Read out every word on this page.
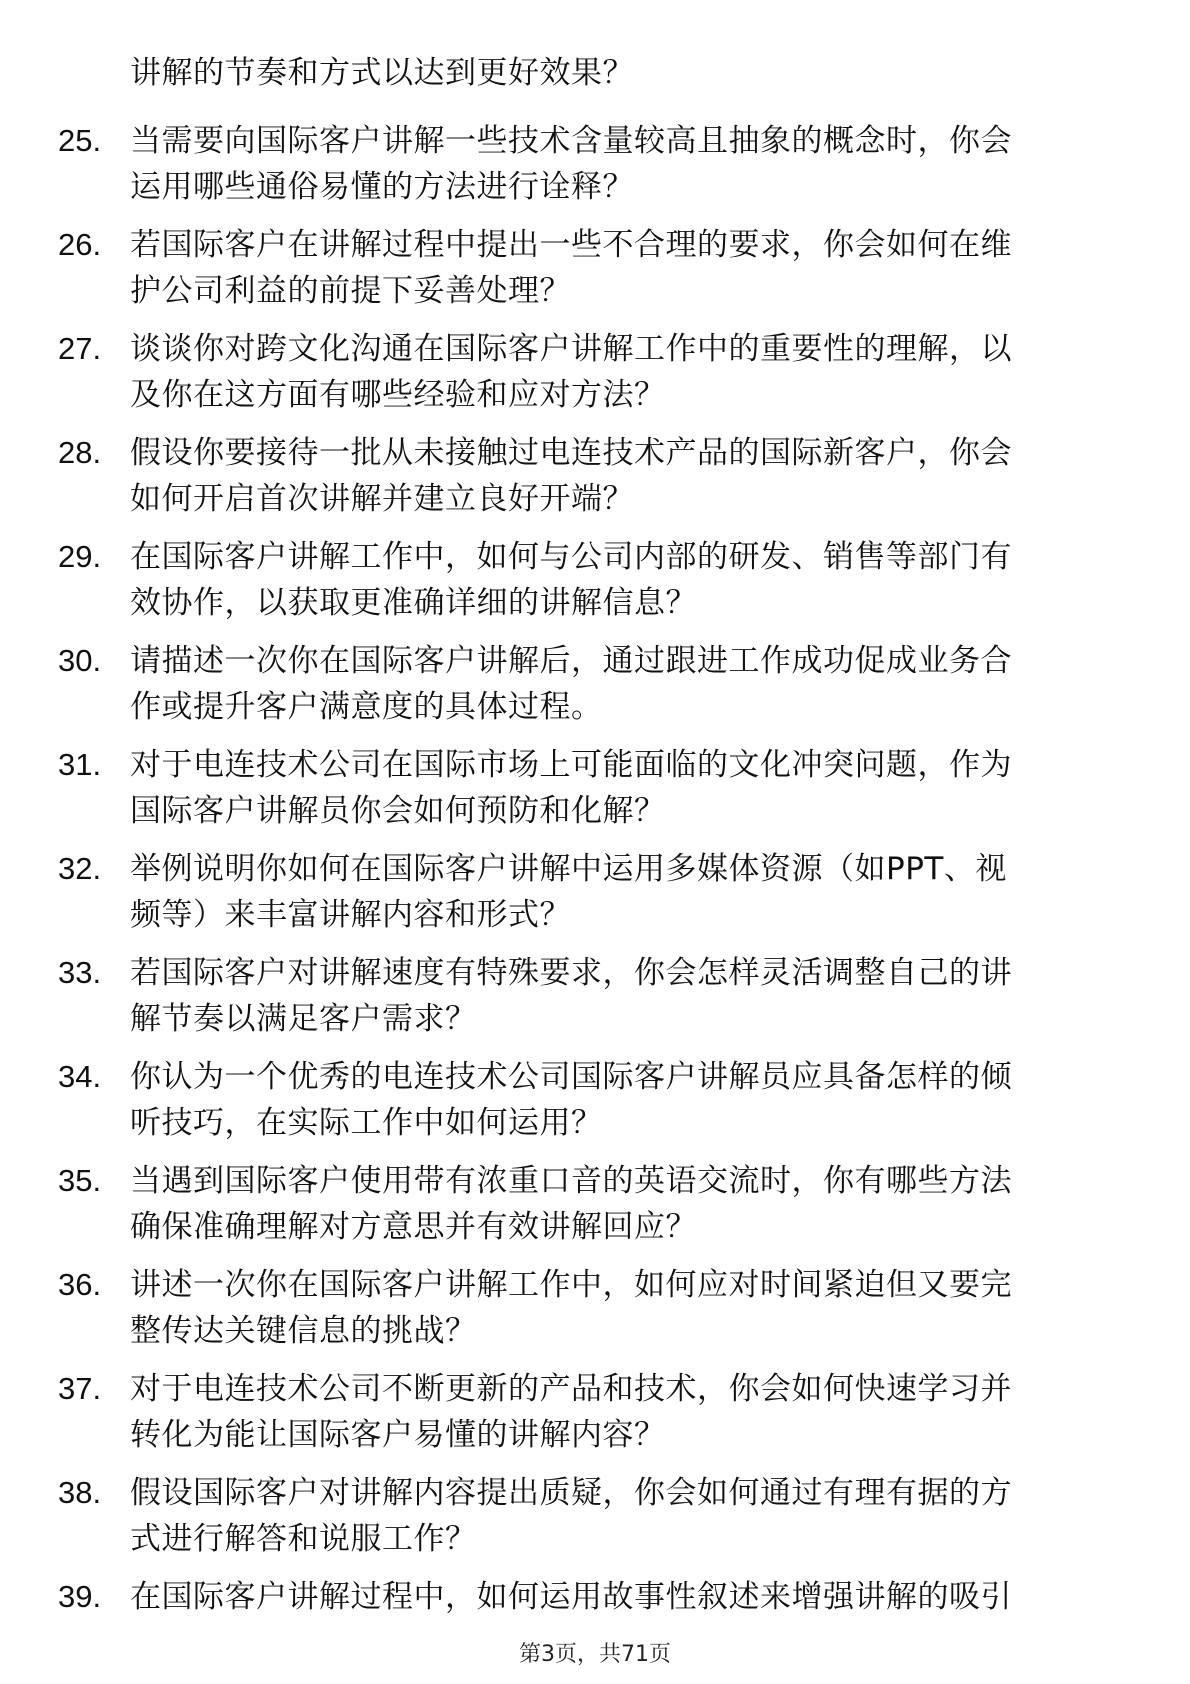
讲解的节奏和方式以达到更好效果？
25. 当需要向国际客户讲解一些技术含量较高且抽象的概念时，你会
运用哪些通俗易懂的方法进行诠释？
26. 若国际客户在讲解过程中提出一些不合理的要求，你会如何在维
护公司利益的前提下妥善处理？
27. 谈谈你对跨文化沟通在国际客户讲解工作中的重要性的理解，以
及你在这方面有哪些经验和应对方法？
28. 假设你要接待一批从未接触过电连技术产品的国际新客户，你会
如何开启首次讲解并建立良好开端？
29. 在国际客户讲解工作中，如何与公司内部的研发、销售等部门有
效协作，以获取更准确详细的讲解信息？
30. 请描述一次你在国际客户讲解后，通过跟进工作成功促成业务合
作或提升客户满意度的具体过程。
31. 对于电连技术公司在国际市场上可能面临的文化冲突问题，作为
国际客户讲解员你会如何预防和化解？
32. 举例说明你如何在国际客户讲解中运用多媒体资源（如PPT、视
频等）来丰富讲解内容和形式？
33. 若国际客户对讲解速度有特殊要求，你会怎样灵活调整自己的讲
解节奏以满足客户需求？
34. 你认为一个优秀的电连技术公司国际客户讲解员应具备怎样的倾
听技巧，在实际工作中如何运用？
35. 当遇到国际客户使用带有浓重口音的英语交流时，你有哪些方法
确保准确理解对方意思并有效讲解回应？
36. 讲述一次你在国际客户讲解工作中，如何应对时间紧迫但又要完
整传达关键信息的挑战？
37. 对于电连技术公司不断更新的产品和技术，你会如何快速学习并
转化为能让国际客户易懂的讲解内容？
38. 假设国际客户对讲解内容提出质疑，你会如何通过有理有据的方
式进行解答和说服工作？
39. 在国际客户讲解过程中，如何运用故事性叙述来增强讲解的吸引
第3页，共71页
